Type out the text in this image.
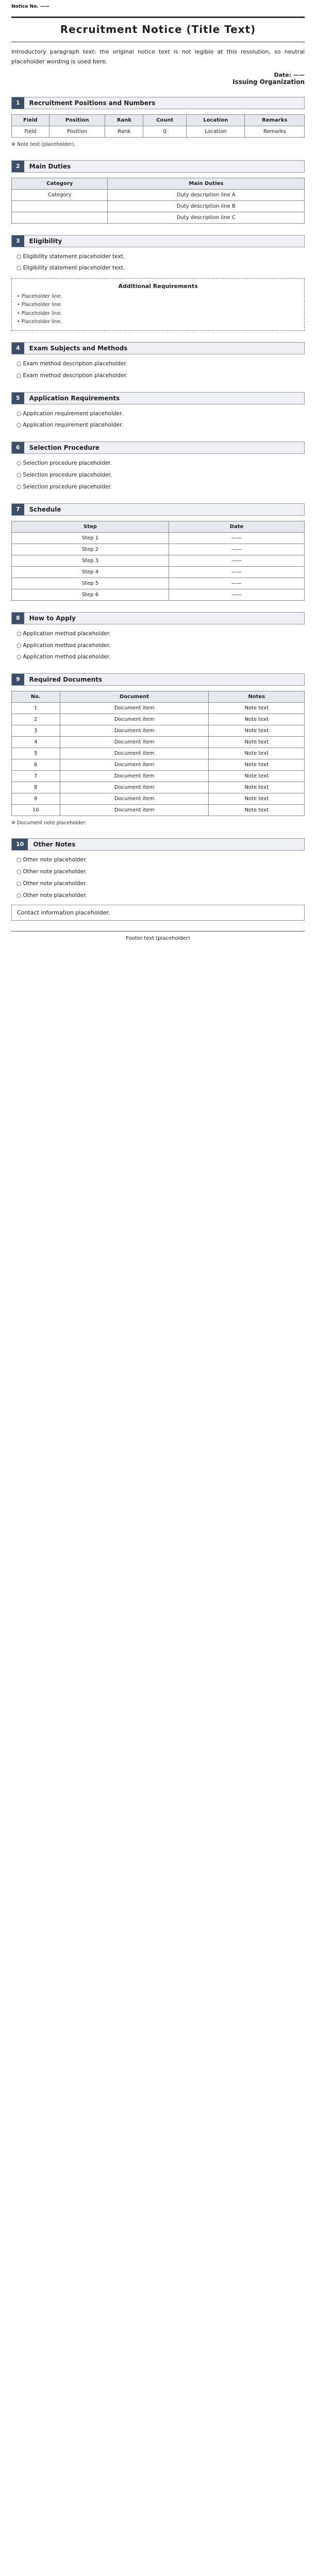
Notice No. ——
Recruitment Notice (Title Text)
Introductory paragraph text: the original notice text is not legible at this resolution, so neutral placeholder wording is used here.
Date: ——
Issuing Organization
1	Recruitment Positions and Numbers
Field	Position	Rank	Count	Location	Remarks
Field	Position	Rank	0	Location	Remarks
※ Note text (placeholder).
2	Main Duties
Category	Main Duties
Category	Duty description line A
	Duty description line B
	Duty description line C
3	Eligibility
○ Eligibility statement placeholder text.
○ Eligibility statement placeholder text.
Additional Requirements
• Placeholder line.
• Placeholder line.
• Placeholder line.
• Placeholder line.
4	Exam Subjects and Methods
○ Exam method description placeholder.
○ Exam method description placeholder.
5	Application Requirements
○ Application requirement placeholder.
○ Application requirement placeholder.
6	Selection Procedure
○ Selection procedure placeholder.
○ Selection procedure placeholder.
○ Selection procedure placeholder.
7	Schedule
Step	Date
Step 1	——
Step 2	——
Step 3	——
Step 4	——
Step 5	——
Step 6	——
8	How to Apply
○ Application method placeholder.
○ Application method placeholder.
○ Application method placeholder.
9	Required Documents
No.	Document	Notes
1	Document item	Note text
2	Document item	Note text
3	Document item	Note text
4	Document item	Note text
5	Document item	Note text
6	Document item	Note text
7	Document item	Note text
8	Document item	Note text
9	Document item	Note text
10	Document item	Note text
※ Document note placeholder.
10	Other Notes
○ Other note placeholder.
○ Other note placeholder.
○ Other note placeholder.
○ Other note placeholder.
Contact information placeholder.
Footer text (placeholder)
